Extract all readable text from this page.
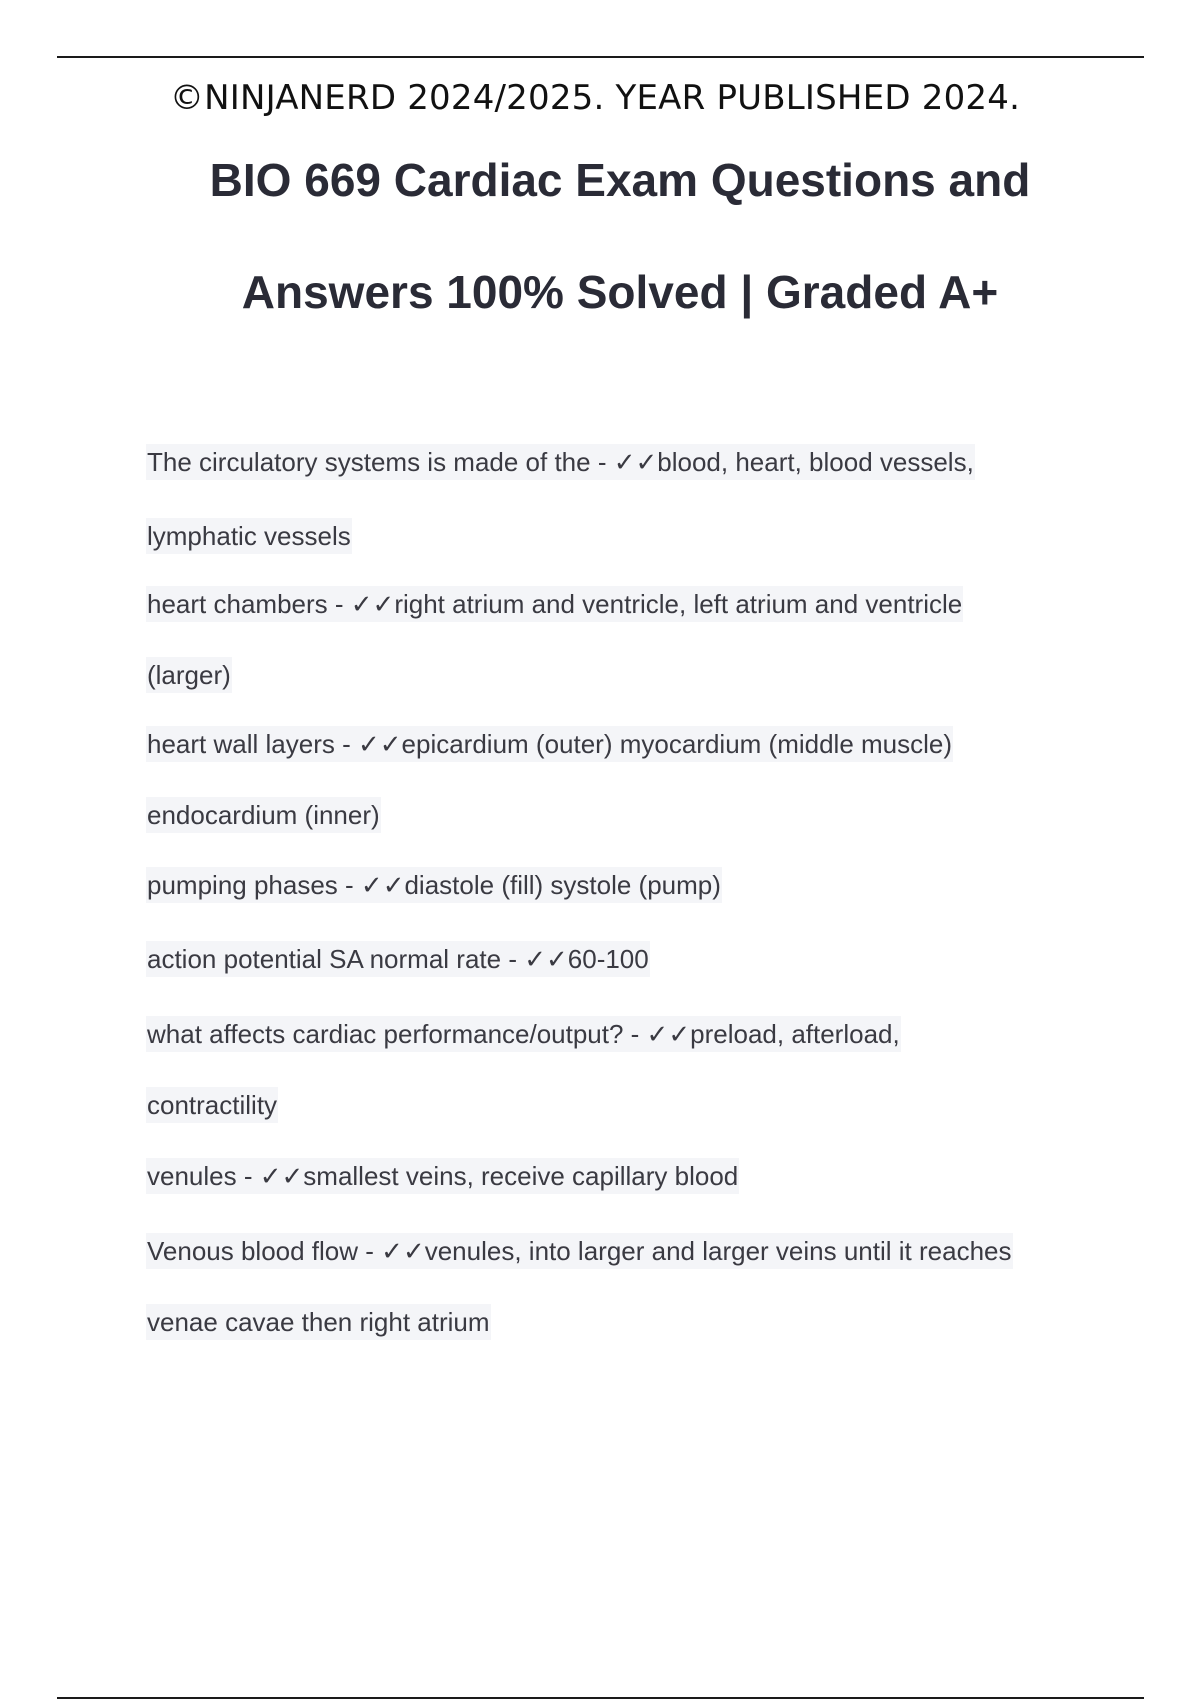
©NINJANERD 2024/2025. YEAR PUBLISHED 2024.
BIO 669 Cardiac Exam Questions and
Answers 100% Solved | Graded A+
The circulatory systems is made of the - ✓✓blood, heart, blood vessels,
lymphatic vessels
heart chambers - ✓✓right atrium and ventricle, left atrium and ventricle
(larger)
heart wall layers - ✓✓epicardium (outer) myocardium (middle muscle)
endocardium (inner)
pumping phases - ✓✓diastole (fill) systole (pump)
action potential SA normal rate - ✓✓60-100
what affects cardiac performance/output? - ✓✓preload, afterload,
contractility
venules - ✓✓smallest veins, receive capillary blood
Venous blood flow - ✓✓venules, into larger and larger veins until it reaches
venae cavae then right atrium
